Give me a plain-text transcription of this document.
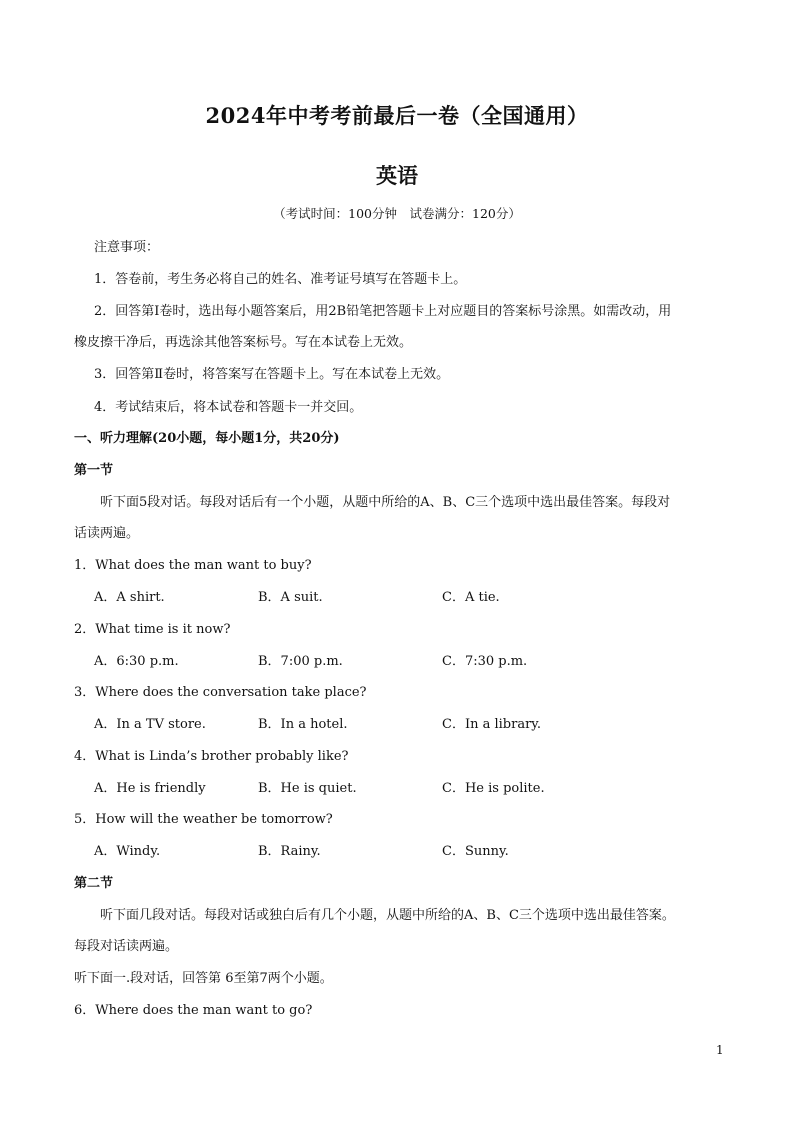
2024年中考考前最后一卷（全国通用）
英语
（考试时间：100分钟　试卷满分：120分）
注意事项：
1．答卷前，考生务必将自己的姓名、准考证号填写在答题卡上。
2．回答第Ⅰ卷时，选出每小题答案后，用2B铅笔把答题卡上对应题目的答案标号涂黑。如需改动，用
橡皮擦干净后，再选涂其他答案标号。写在本试卷上无效。
3．回答第Ⅱ卷时，将答案写在答题卡上。写在本试卷上无效。
4．考试结束后，将本试卷和答题卡一并交回。
一、听力理解(20小题，每小题1分，共20分)
第一节
听下面5段对话。每段对话后有一个小题，从题中所给的A、B、C三个选项中选出最佳答案。每段对
话读两遍。
1．What does the man want to buy?
A．A shirt.	B．A suit.	C．A tie.
2．What time is it now?
A．6:30 p.m.	B．7:00 p.m.	C．7:30 p.m.
3．Where does the conversation take place?
A．In a TV store.	B．In a hotel.	C．In a library.
4．What is Linda’s brother probably like?
A．He is friendly	B．He is quiet.	C．He is polite.
5．How will the weather be tomorrow?
A．Windy.	B．Rainy.	C．Sunny.
第二节
听下面几段对话。每段对话或独白后有几个小题，从题中所给的A、B、C三个选项中选出最佳答案。
每段对话读两遍。
听下面一.段对话，回答第 6至第7两个小题。
6．Where does the man want to go?
1
